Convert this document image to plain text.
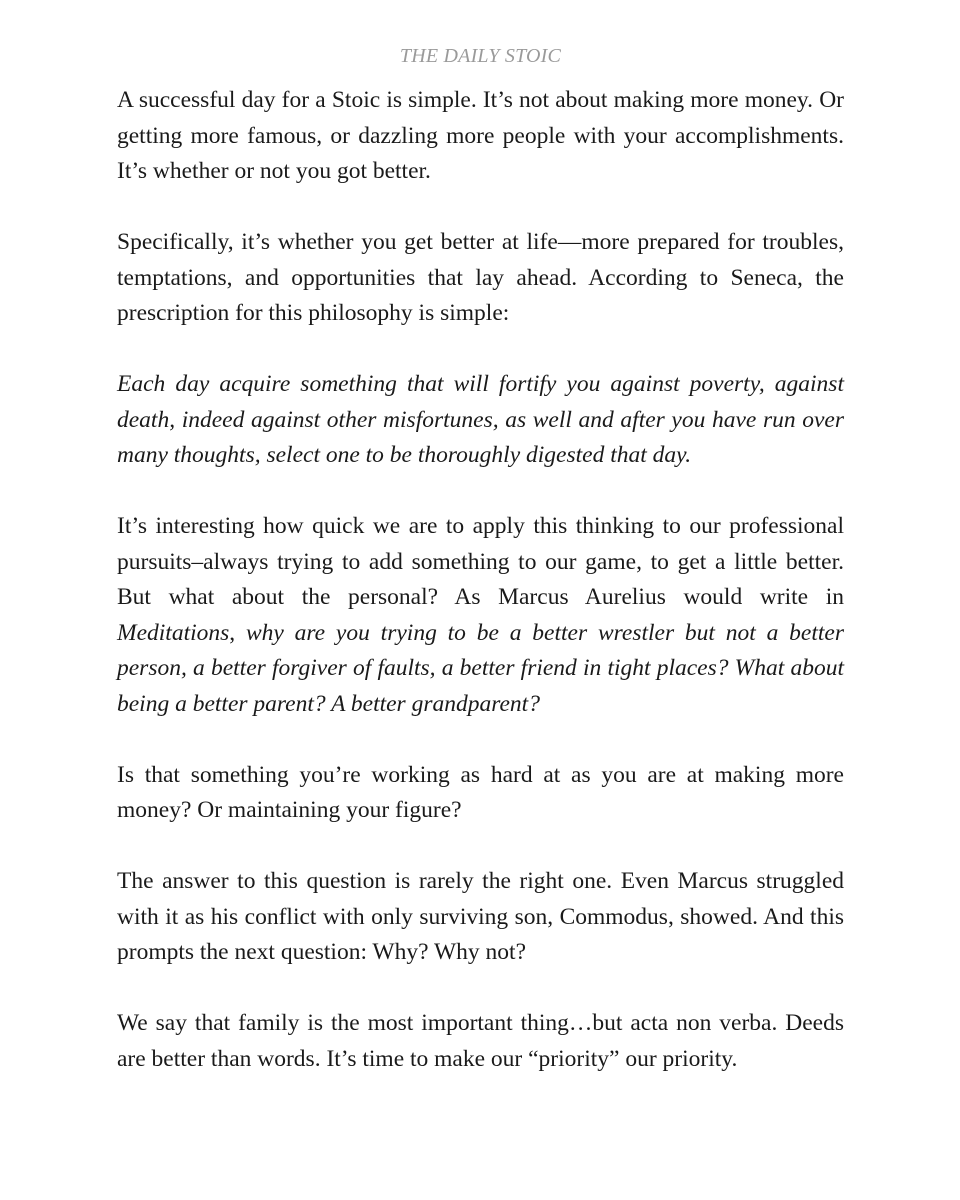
THE DAILY STOIC

A successful day for a Stoic is simple. It’s not about making more money. Or getting more famous, or dazzling more people with your accomplishments. It’s whether or not you got better.

Specifically, it’s whether you get better at life—more prepared for troubles, temptations, and opportunities that lay ahead. According to Seneca, the prescription for this philosophy is simple:

Each day acquire something that will fortify you against poverty, against death, indeed against other misfortunes, as well and after you have run over many thoughts, select one to be thoroughly digested that day.

It’s interesting how quick we are to apply this thinking to our professional pursuits–always trying to add something to our game, to get a little better. But what about the personal? As Marcus Aurelius would write in Meditations, why are you trying to be a better wrestler but not a better person, a better forgiver of faults, a better friend in tight places? What about being a better parent? A better grandparent?

Is that something you’re working as hard at as you are at making more money? Or maintaining your figure?

The answer to this question is rarely the right one. Even Marcus struggled with it as his conflict with only surviving son, Commodus, showed. And this prompts the next question: Why? Why not?

We say that family is the most important thing…but acta non verba. Deeds are better than words. It’s time to make our “priority” our priority.
